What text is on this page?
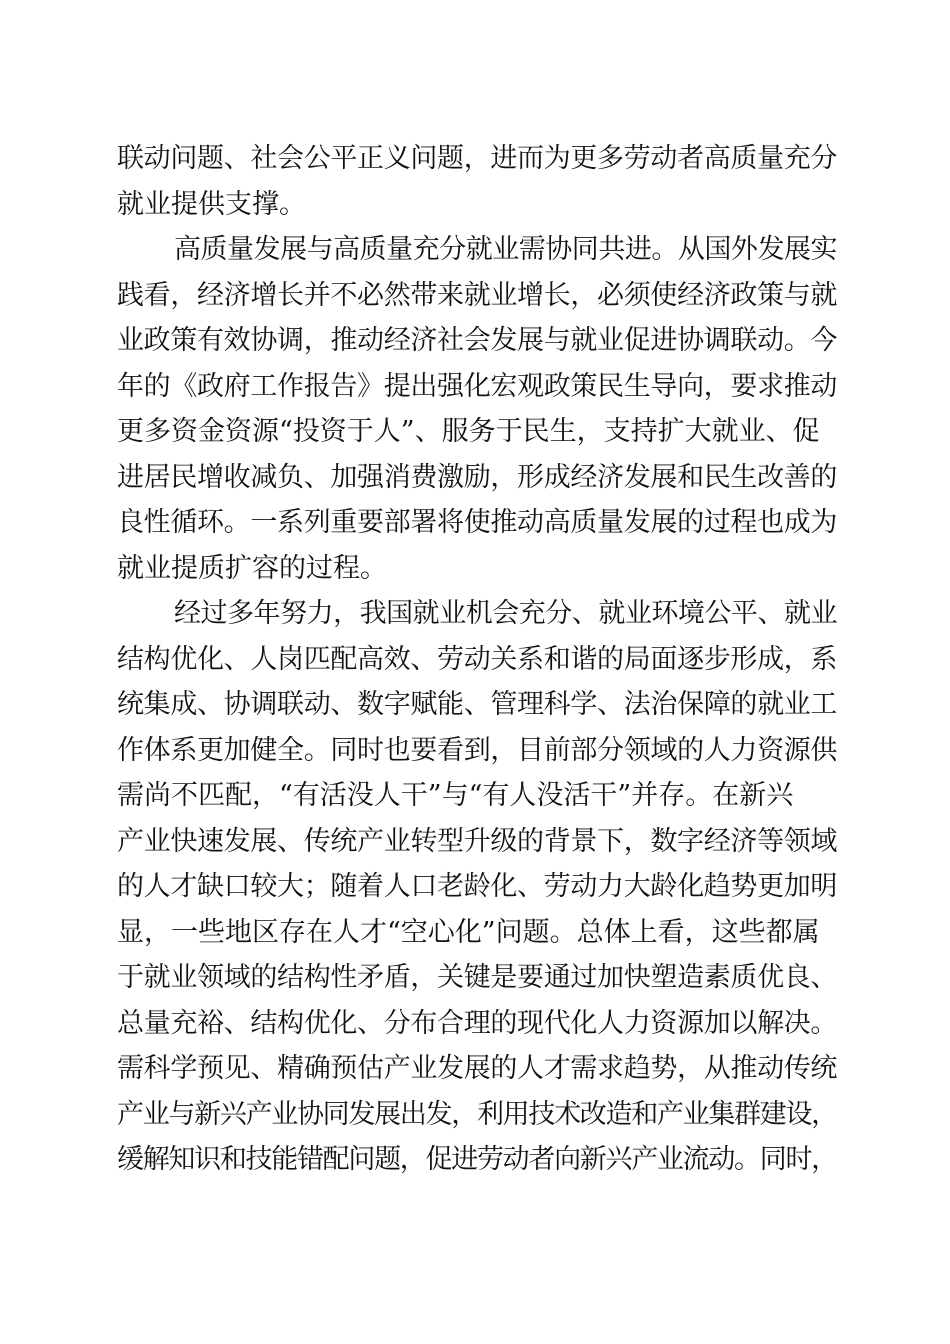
联动问题、社会公平正义问题，进而为更多劳动者高质量充分
就业提供支撑。

高质量发展与高质量充分就业需协同共进。从国外发展实
践看，经济增长并不必然带来就业增长，必须使经济政策与就
业政策有效协调，推动经济社会发展与就业促进协调联动。今
年的《政府工作报告》提出强化宏观政策民生导向，要求推动
更多资金资源“投资于人”、服务于民生，支持扩大就业、促
进居民增收减负、加强消费激励，形成经济发展和民生改善的
良性循环。一系列重要部署将使推动高质量发展的过程也成为
就业提质扩容的过程。

经过多年努力，我国就业机会充分、就业环境公平、就业
结构优化、人岗匹配高效、劳动关系和谐的局面逐步形成，系
统集成、协调联动、数字赋能、管理科学、法治保障的就业工
作体系更加健全。同时也要看到，目前部分领域的人力资源供
需尚不匹配，“有活没人干”与“有人没活干”并存。在新兴
产业快速发展、传统产业转型升级的背景下，数字经济等领域
的人才缺口较大；随着人口老龄化、劳动力大龄化趋势更加明
显，一些地区存在人才“空心化”问题。总体上看，这些都属
于就业领域的结构性矛盾，关键是要通过加快塑造素质优良、
总量充裕、结构优化、分布合理的现代化人力资源加以解决。
需科学预见、精确预估产业发展的人才需求趋势，从推动传统
产业与新兴产业协同发展出发，利用技术改造和产业集群建设，
缓解知识和技能错配问题，促进劳动者向新兴产业流动。同时，
